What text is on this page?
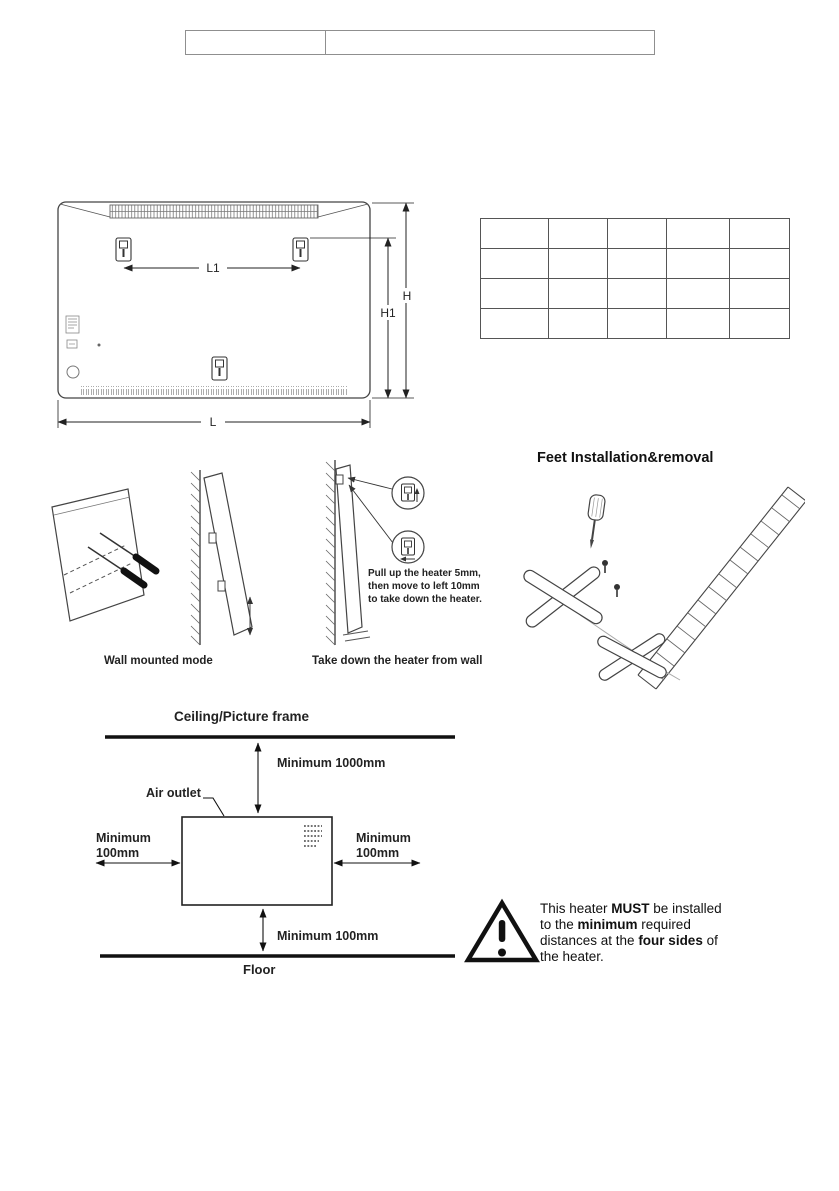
L1
H
H1
L
Wall mounted mode	Take down the heater from wall
Pull up the heater 5mm,
then move to left 10mm
to take down the heater.
Feet Installation&removal
Ceiling/Picture frame
Minimum 1000mm
Air outlet
Minimum
100mm
Minimum
100mm
Minimum 100mm
Floor
This heater MUST be installed
to the minimum required
distances at the four sides of
the heater.
